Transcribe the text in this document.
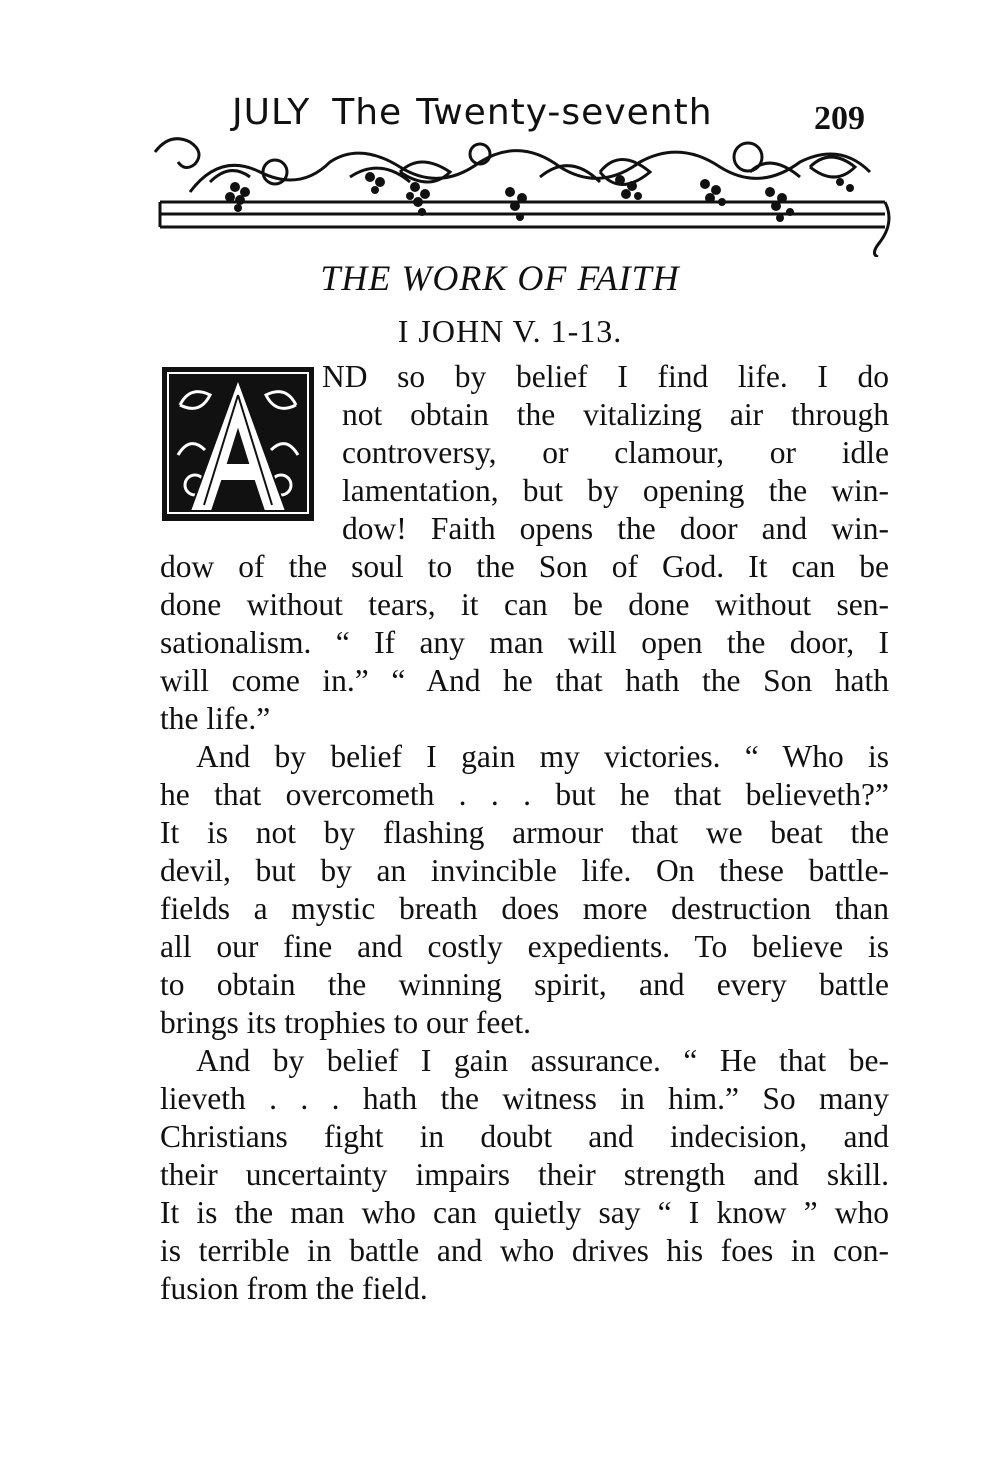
JULY The Twenty-seventh	209
THE WORK OF FAITH
I JOHN V. 1-13.
ND so by belief I find life. I do
not obtain the vitalizing air through
controversy, or clamour, or idle
lamentation, but by opening the win-
dow! Faith opens the door and win-
dow of the soul to the Son of God. It can be
done without tears, it can be done without sen-
sationalism. “ If any man will open the door, I
will come in.” “ And he that hath the Son hath
the life.”
And by belief I gain my victories. “ Who is
he that overcometh . . . but he that believeth?”
It is not by flashing armour that we beat the
devil, but by an invincible life. On these battle-
fields a mystic breath does more destruction than
all our fine and costly expedients. To believe is
to obtain the winning spirit, and every battle
brings its trophies to our feet.
And by belief I gain assurance. “ He that be-
lieveth . . . hath the witness in him.” So many
Christians fight in doubt and indecision, and
their uncertainty impairs their strength and skill.
It is the man who can quietly say “ I know ” who
is terrible in battle and who drives his foes in con-
fusion from the field.
